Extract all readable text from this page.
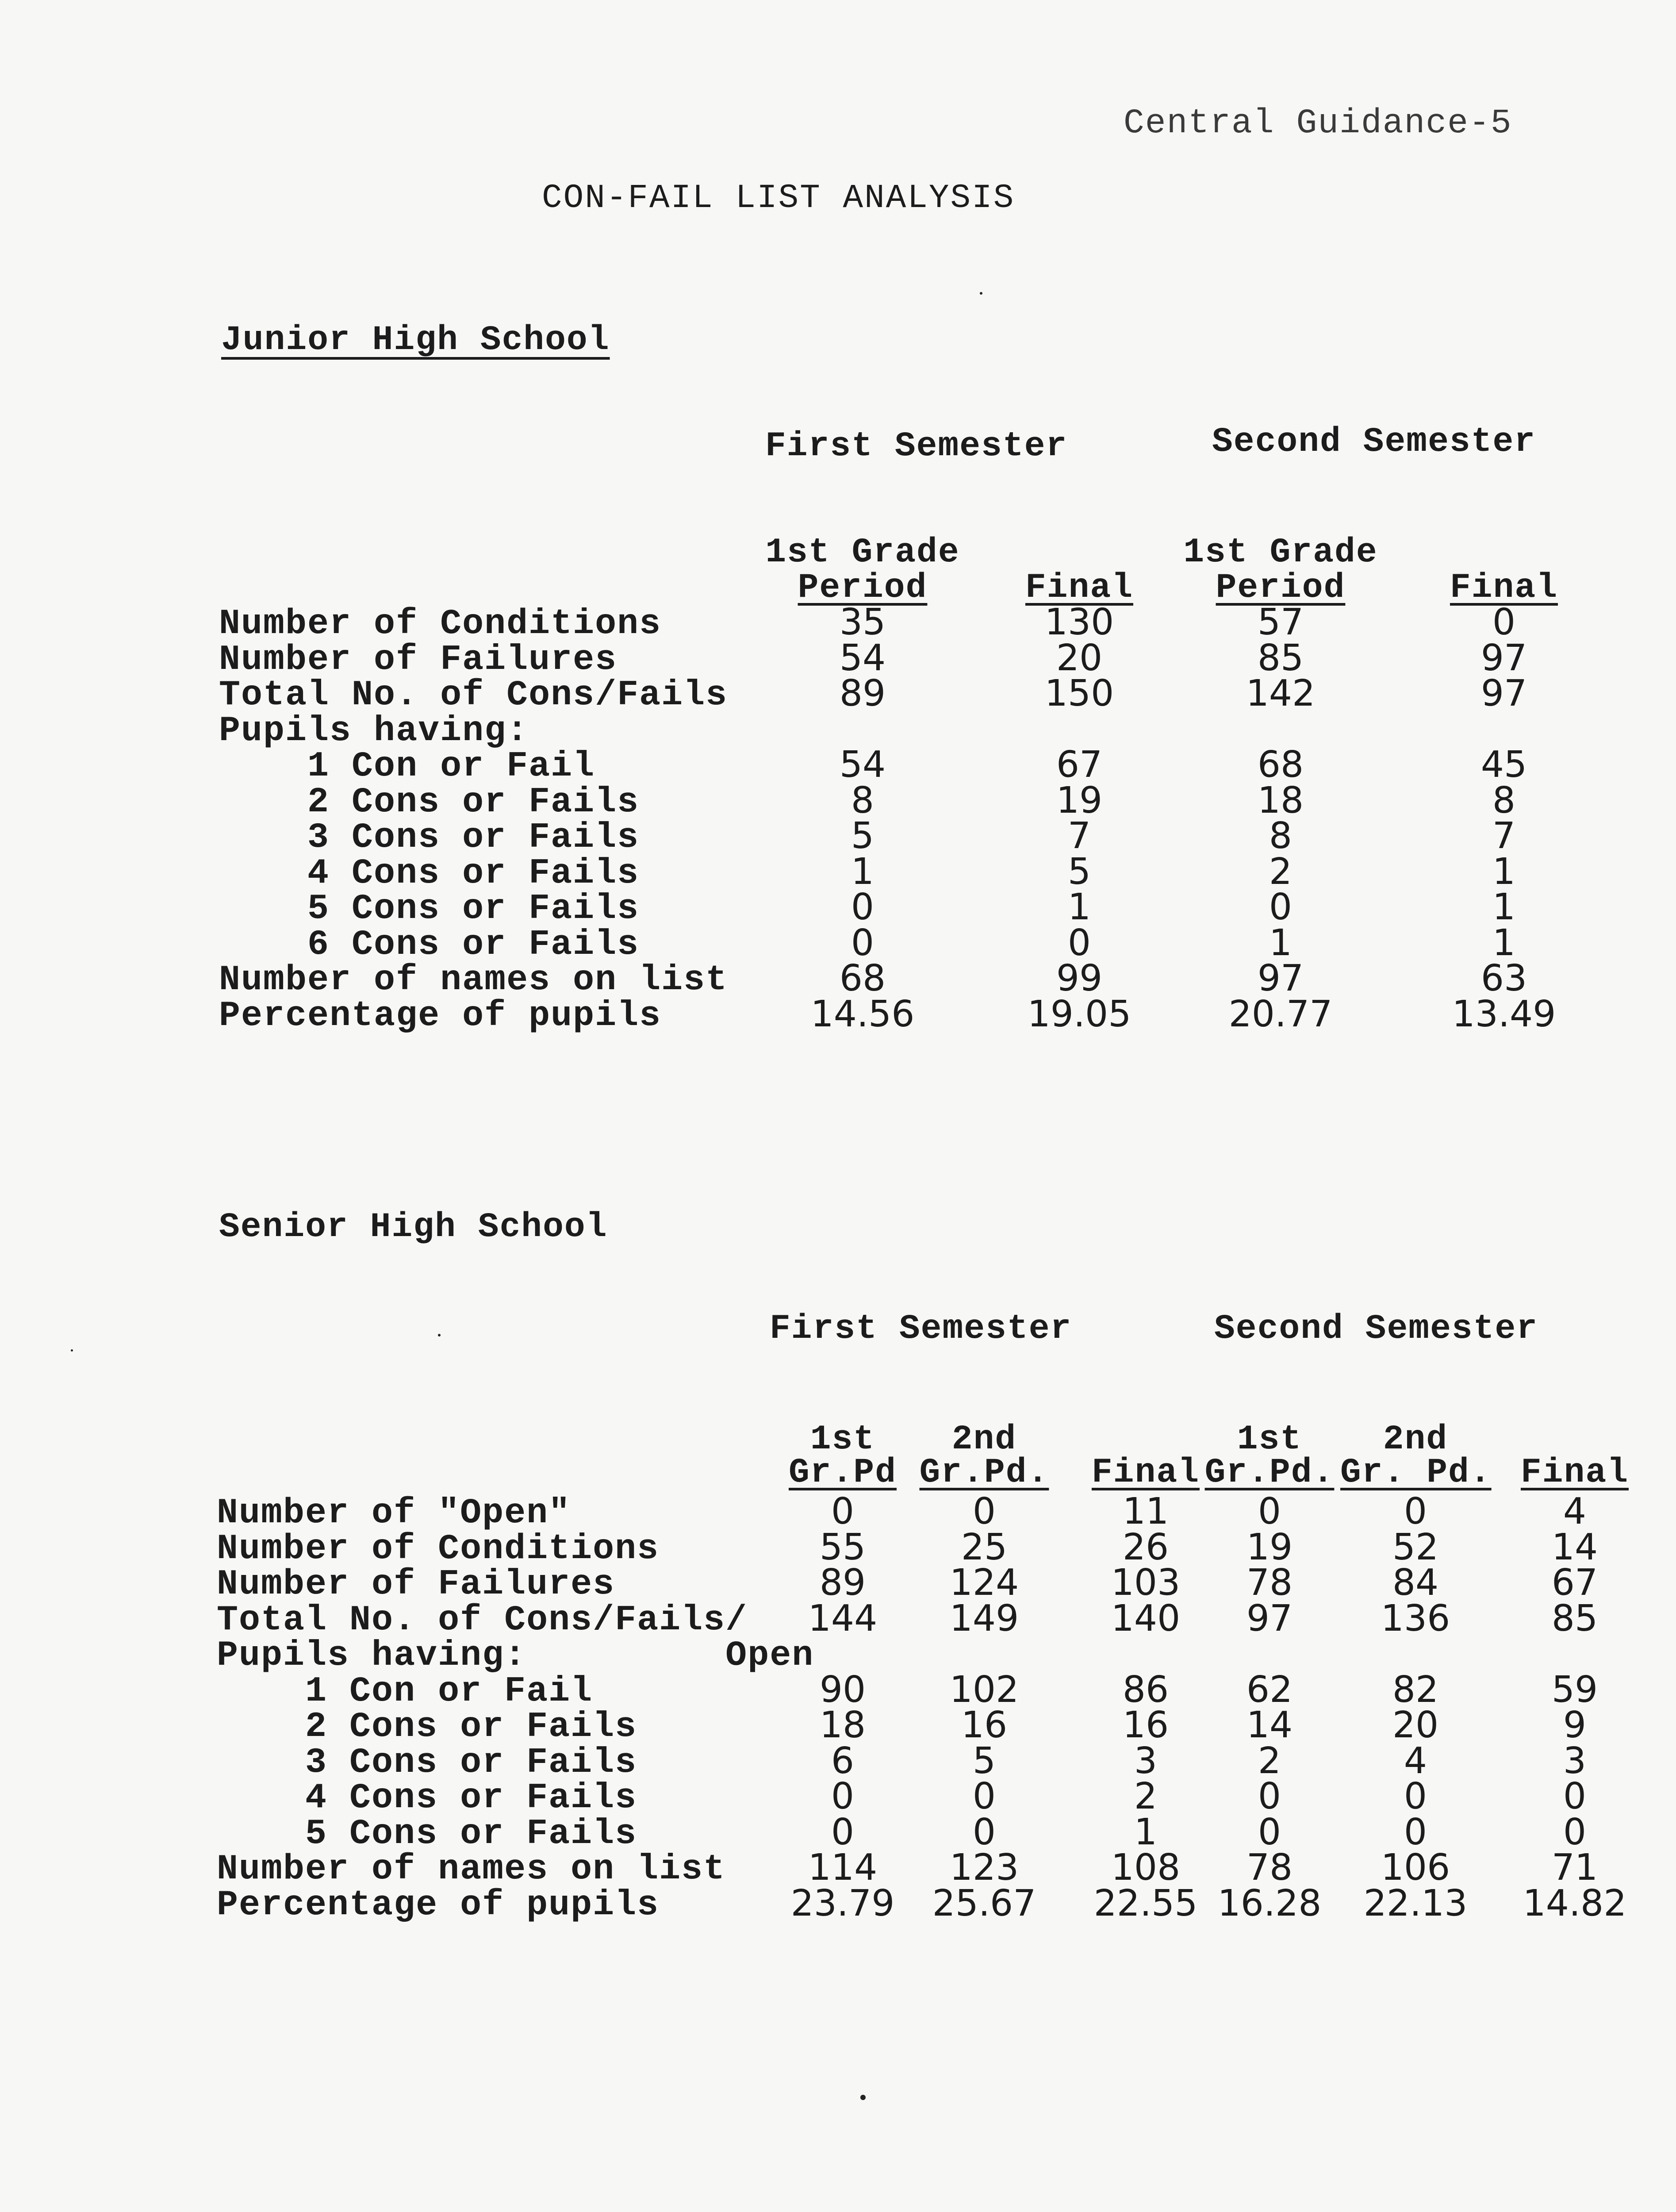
Central Guidance-5
CON-FAIL LIST ANALYSIS
Junior High School
First Semester	Second Semester
1st Grade
Period	Final
1st Grade
Period	Final
Number of Conditions	35	130	57	0
Number of Failures	54	20	85	97
Total No. of Cons/Fails	89	150	142	97
Pupils having:
1 Con or Fail	54	67	68	45
2 Cons or Fails	8	19	18	8
3 Cons or Fails	5	7	8	7
4 Cons or Fails	1	5	2	1
5 Cons or Fails	0	1	0	1
6 Cons or Fails	0	0	1	1
Number of names on list	68	99	97	63
Percentage of pupils	14.56	19.05	20.77	13.49
Senior High School
First Semester	Second Semester
1st
Gr.Pd
2nd
Gr.Pd.	Final
1st
Gr.Pd.
2nd
Gr. Pd. Final
Number of "Open"	0	0	11	0	0	4
Number of Conditions	55	25	26	19	52	14
Number of Failures	89	124	103	78	84	67
Total No. of Cons/Fails/	144	149	140	97	136	85
Pupils having:         Open
1 Con or Fail	90	102	86	62	82	59
2 Cons or Fails	18	16	16	14	20	9
3 Cons or Fails	6	5	3	2	4	3
4 Cons or Fails	0	0	2	0	0	0
5 Cons or Fails	0	0	1	0	0	0
Number of names on list	114	123	108	78	106	71
Percentage of pupils	23.79	25.67	22.55 16.28	22.13	14.82
